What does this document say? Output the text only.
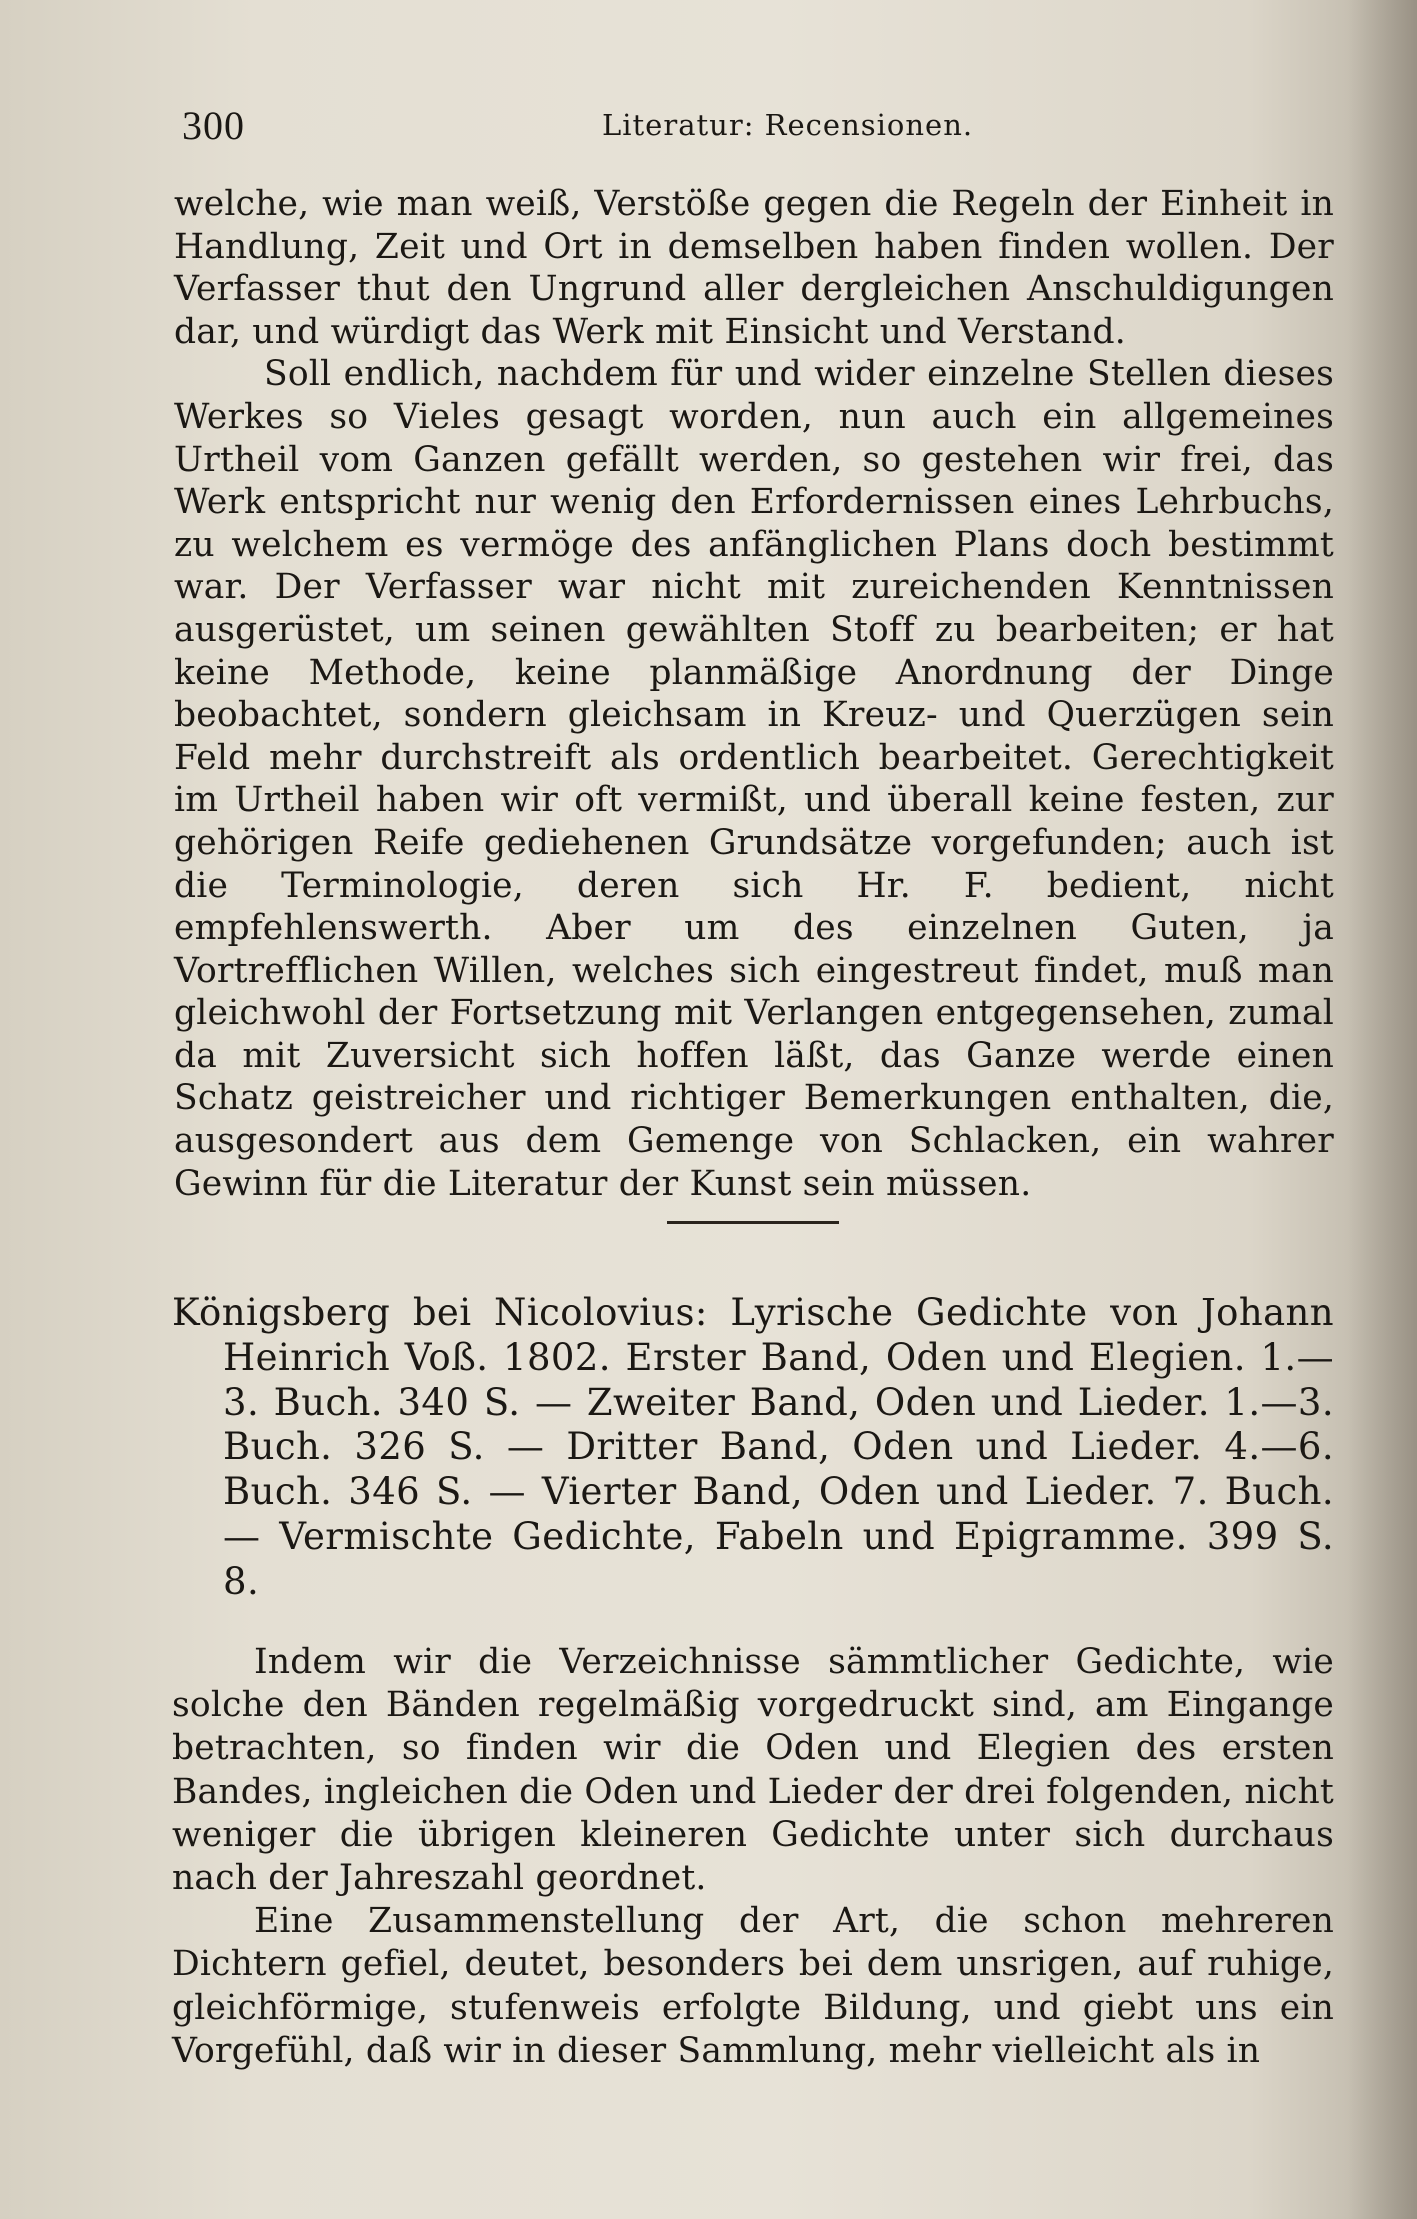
300	Literatur: Recensionen.

welche, wie man weiß, Verstöße gegen die Regeln der Einheit in Handlung, Zeit und Ort in demselben haben finden wollen. Der Verfasser thut den Ungrund aller dergleichen Anschuldigungen dar, und würdigt das Werk mit Einsicht und Verstand.

Soll endlich, nachdem für und wider einzelne Stellen dieses Werkes so Vieles gesagt worden, nun auch ein allgemeines Urtheil vom Ganzen gefällt werden, so gestehen wir frei, das Werk entspricht nur wenig den Erfordernissen eines Lehrbuchs, zu welchem es vermöge des anfänglichen Plans doch bestimmt war. Der Verfasser war nicht mit zureichenden Kenntnissen ausgerüstet, um seinen gewählten Stoff zu bearbeiten; er hat keine Methode, keine planmäßige Anordnung der Dinge beobachtet, sondern gleichsam in Kreuz- und Querzügen sein Feld mehr durchstreift als ordentlich bearbeitet. Gerechtigkeit im Urtheil haben wir oft vermißt, und überall keine festen, zur gehörigen Reife gediehenen Grundsätze vorgefunden; auch ist die Terminologie, deren sich Hr. F. bedient, nicht empfehlenswerth. Aber um des einzelnen Guten, ja Vortrefflichen Willen, welches sich eingestreut findet, muß man gleichwohl der Fortsetzung mit Verlangen entgegensehen, zumal da mit Zuversicht sich hoffen läßt, das Ganze werde einen Schatz geistreicher und richtiger Bemerkungen enthalten, die, ausgesondert aus dem Gemenge von Schlacken, ein wahrer Gewinn für die Literatur der Kunst sein müssen.

Königsberg bei Nicolovius: Lyrische Gedichte von Johann Heinrich Voß. 1802. Erster Band, Oden und Elegien. 1.—3. Buch. 340 S. — Zweiter Band, Oden und Lieder. 1.—3. Buch. 326 S. — Dritter Band, Oden und Lieder. 4.—6. Buch. 346 S. — Vierter Band, Oden und Lieder. 7. Buch. — Vermischte Gedichte, Fabeln und Epigramme. 399 S. 8.

Indem wir die Verzeichnisse sämmtlicher Gedichte, wie solche den Bänden regelmäßig vorgedruckt sind, am Eingange betrachten, so finden wir die Oden und Elegien des ersten Bandes, ingleichen die Oden und Lieder der drei folgenden, nicht weniger die übrigen kleineren Gedichte unter sich durchaus nach der Jahreszahl geordnet.

Eine Zusammenstellung der Art, die schon mehreren Dichtern gefiel, deutet, besonders bei dem unsrigen, auf ruhige, gleichförmige, stufenweis erfolgte Bildung, und giebt uns ein Vorgefühl, daß wir in dieser Sammlung, mehr vielleicht als in
